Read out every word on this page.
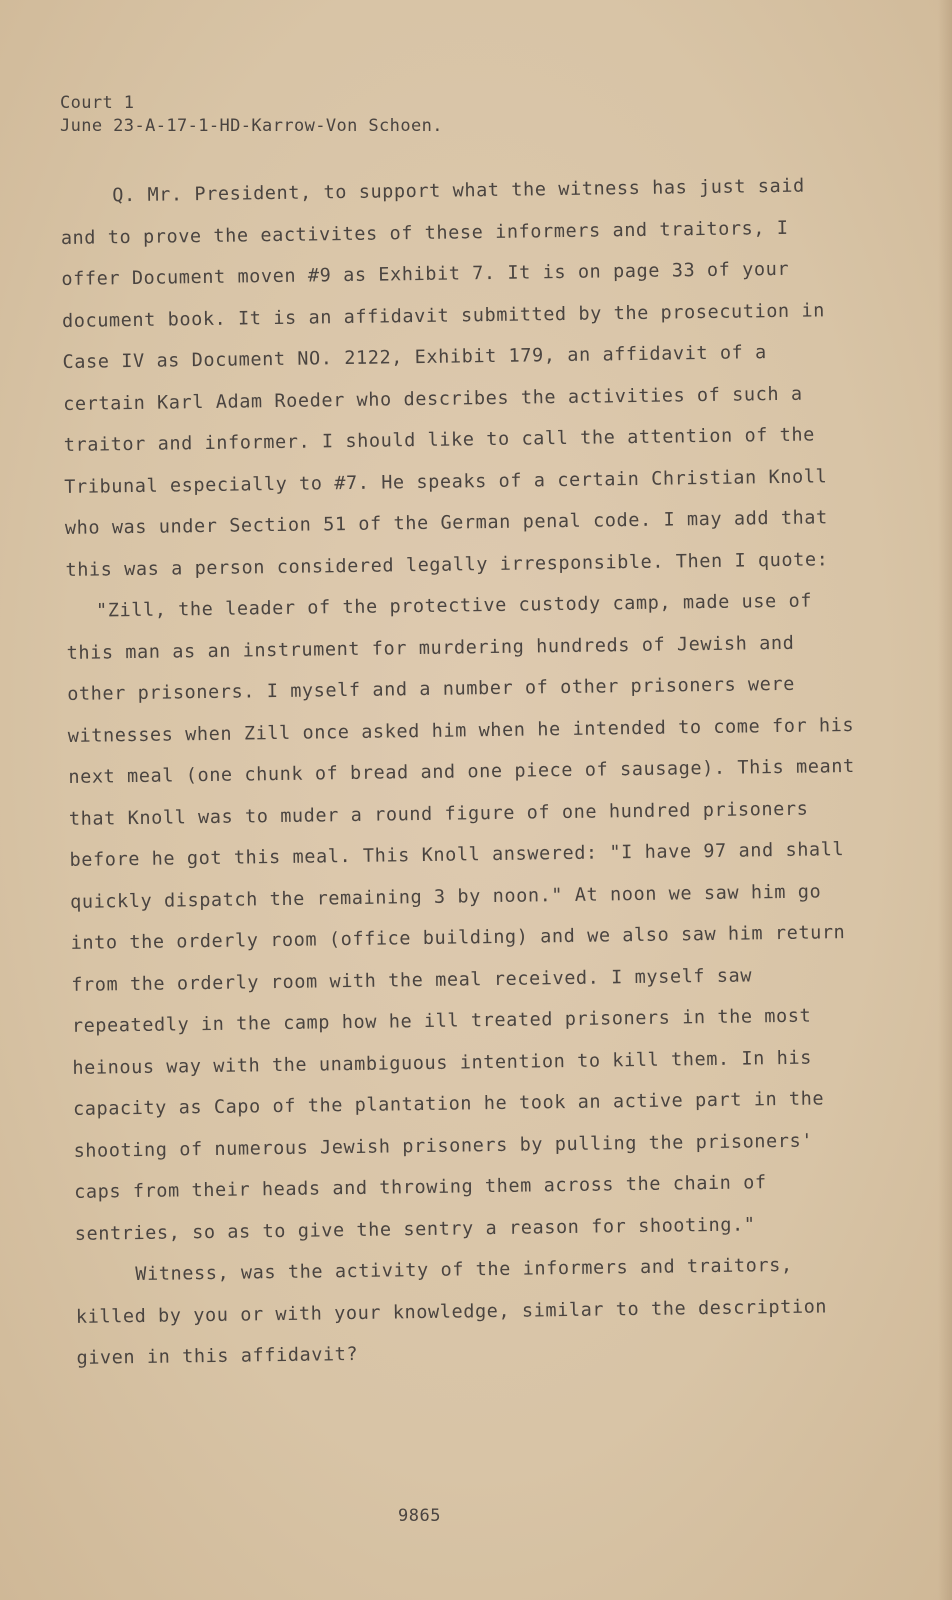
Court 1
June 23-A-17-1-HD-Karrow-Von Schoen.

Q. Mr. President, to support what the witness has just said and to prove the eactivites of these informers and traitors, I offer Document moven #9 as Exhibit 7. It is on page 33 of your document book. It is an affidavit submitted by the prosecution in Case IV as Document NO. 2122, Exhibit 179, an affidavit of a certain Karl Adam Roeder who describes the activities of such a traitor and informer. I should like to call the attention of the Tribunal especially to #7. He speaks of a certain Christian Knoll who was under Section 51 of the German penal code. I may add that this was a person considered legally irresponsible. Then I quote:

"Zill, the leader of the protective custody camp, made use of this man as an instrument for murdering hundreds of Jewish and other prisoners. I myself and a number of other prisoners were witnesses when Zill once asked him when he intended to come for his next meal (one chunk of bread and one piece of sausage). This meant that Knoll was to muder a round figure of one hundred prisoners before he got this meal. This Knoll answered: "I have 97 and shall quickly dispatch the remaining 3 by noon." At noon we saw him go into the orderly room (office building) and we also saw him return from the orderly room with the meal received. I myself saw repeatedly in the camp how he ill treated prisoners in the most heinous way with the unambiguous intention to kill them. In his capacity as Capo of the plantation he took an active part in the shooting of numerous Jewish prisoners by pulling the prisoners' caps from their heads and throwing them across the chain of sentries, so as to give the sentry a reason for shooting."

Witness, was the activity of the informers and traitors, killed by you or with your knowledge, similar to the description given in this affidavit?

9865
